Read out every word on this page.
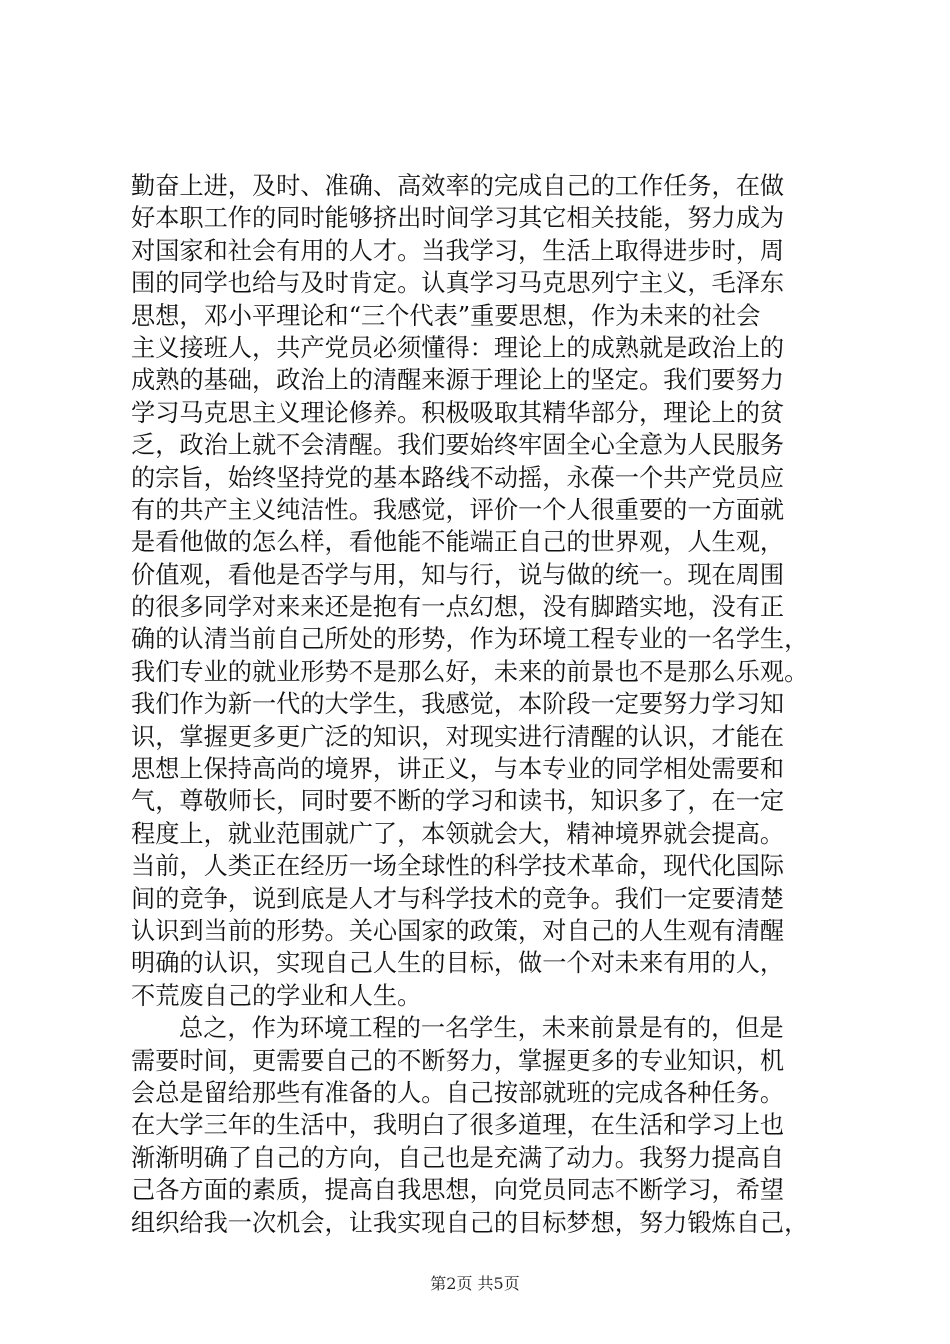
勤奋上进，及时、准确、高效率的完成自己的工作任务，在做
好本职工作的同时能够挤出时间学习其它相关技能，努力成为
对国家和社会有用的人才。当我学习，生活上取得进步时，周
围的同学也给与及时肯定。认真学习马克思列宁主义，毛泽东
思想，邓小平理论和“三个代表”重要思想，作为未来的社会
主义接班人，共产党员必须懂得：理论上的成熟就是政治上的
成熟的基础，政治上的清醒来源于理论上的坚定。我们要努力
学习马克思主义理论修养。积极吸取其精华部分，理论上的贫
乏，政治上就不会清醒。我们要始终牢固全心全意为人民服务
的宗旨，始终坚持党的基本路线不动摇，永葆一个共产党员应
有的共产主义纯洁性。我感觉，评价一个人很重要的一方面就
是看他做的怎么样，看他能不能端正自己的世界观，人生观，
价值观，看他是否学与用，知与行，说与做的统一。现在周围
的很多同学对来来还是抱有一点幻想，没有脚踏实地，没有正
确的认清当前自己所处的形势，作为环境工程专业的一名学生，
我们专业的就业形势不是那么好，未来的前景也不是那么乐观。
我们作为新一代的大学生，我感觉，本阶段一定要努力学习知
识，掌握更多更广泛的知识，对现实进行清醒的认识，才能在
思想上保持高尚的境界，讲正义，与本专业的同学相处需要和
气，尊敬师长，同时要不断的学习和读书，知识多了，在一定
程度上，就业范围就广了，本领就会大，精神境界就会提高。
当前，人类正在经历一场全球性的科学技术革命，现代化国际
间的竞争，说到底是人才与科学技术的竞争。我们一定要清楚
认识到当前的形势。关心国家的政策，对自己的人生观有清醒
明确的认识，实现自己人生的目标，做一个对未来有用的人，
不荒废自己的学业和人生。
总之，作为环境工程的一名学生，未来前景是有的，但是
需要时间，更需要自己的不断努力，掌握更多的专业知识，机
会总是留给那些有准备的人。自己按部就班的完成各种任务。
在大学三年的生活中，我明白了很多道理，在生活和学习上也
渐渐明确了自己的方向，自己也是充满了动力。我努力提高自
己各方面的素质，提高自我思想，向党员同志不断学习，希望
组织给我一次机会，让我实现自己的目标梦想，努力锻炼自己，
第2页 共5页
